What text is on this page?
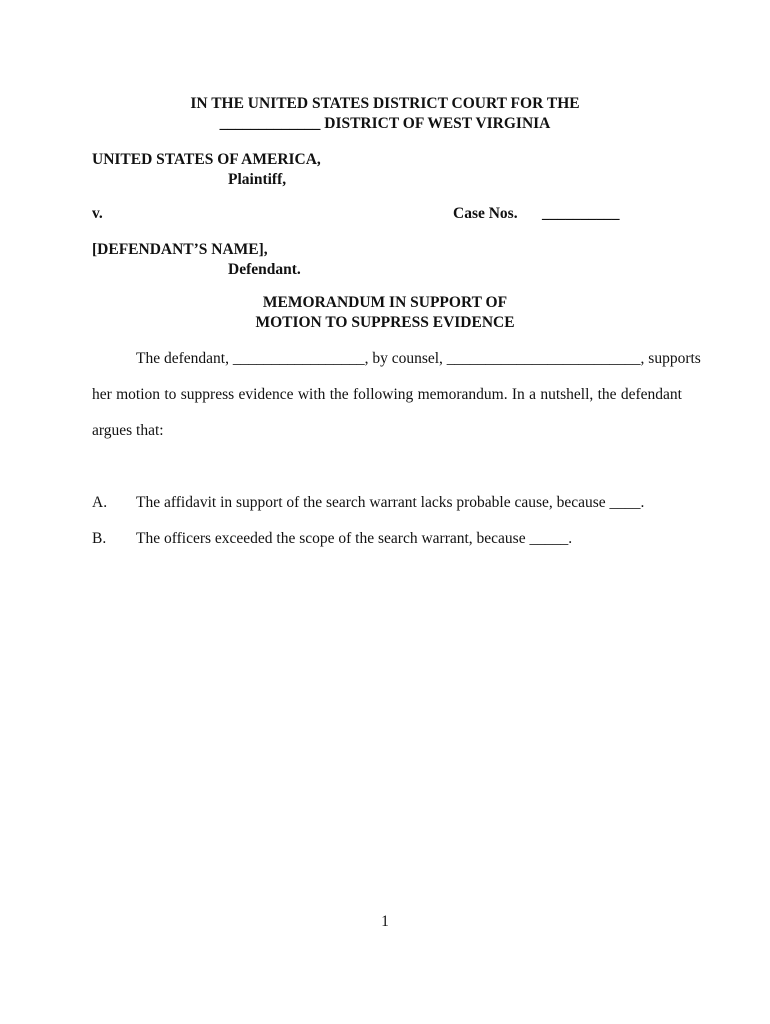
IN THE UNITED STATES DISTRICT COURT FOR THE
_____________ DISTRICT OF WEST VIRGINIA
UNITED STATES OF AMERICA,
Plaintiff,
v.	Case Nos. __________
[DEFENDANT’S NAME],
Defendant.
MEMORANDUM IN SUPPORT OF
MOTION TO SUPPRESS EVIDENCE
The defendant, _________________, by counsel, _________________________, supports
her motion to suppress evidence with the following memorandum. In a nutshell, the defendant
argues that:
A. The affidavit in support of the search warrant lacks probable cause, because ____.
B. The officers exceeded the scope of the search warrant, because _____.
1
